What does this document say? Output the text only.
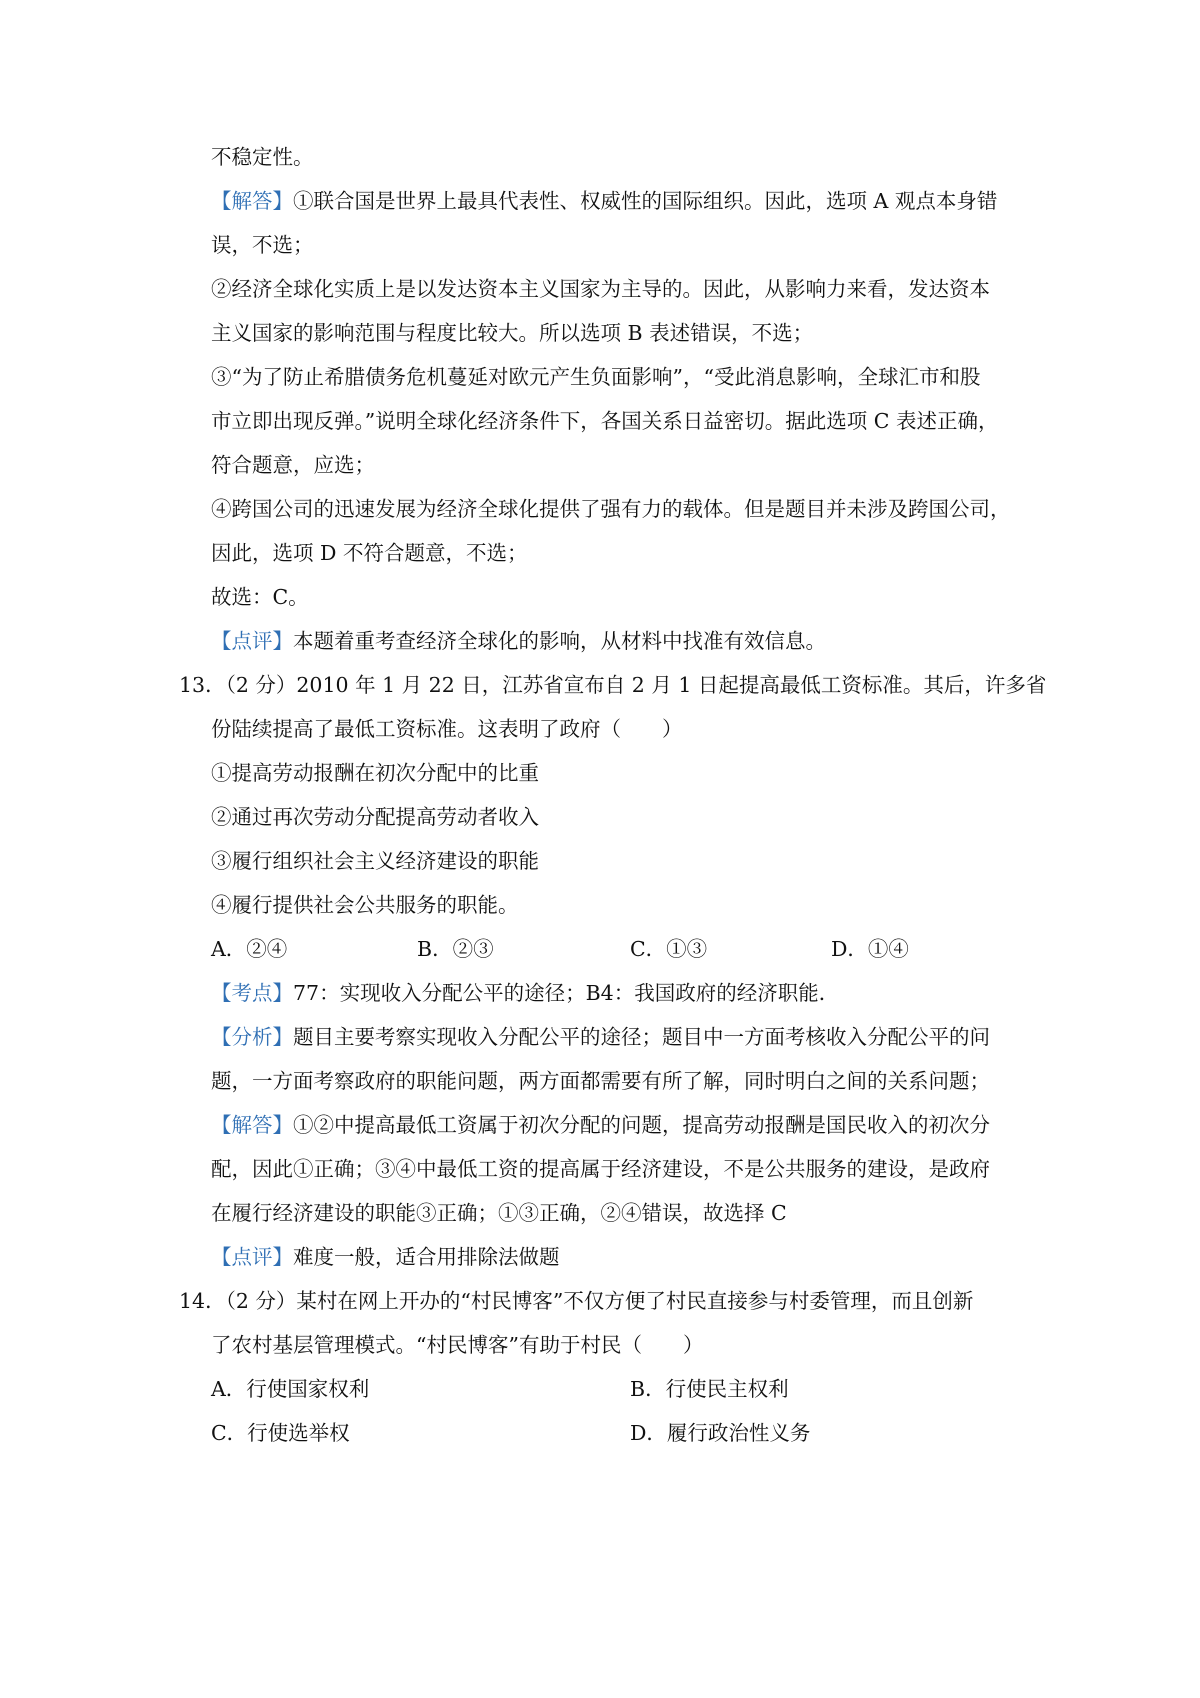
不稳定性。
【解答】①联合国是世界上最具代表性、权威性的国际组织。因此，选项 A 观点本身错
误，不选；
②经济全球化实质上是以发达资本主义国家为主导的。因此，从影响力来看，发达资本
主义国家的影响范围与程度比较大。所以选项 B 表述错误，不选；
③“为了防止希腊债务危机蔓延对欧元产生负面影响”，“受此消息影响，全球汇市和股
市立即出现反弹。”说明全球化经济条件下，各国关系日益密切。据此选项 C 表述正确，
符合题意，应选；
④跨国公司的迅速发展为经济全球化提供了强有力的载体。但是题目并未涉及跨国公司，
因此，选项 D 不符合题意，不选；
故选：C。
【点评】本题着重考查经济全球化的影响，从材料中找准有效信息。
13．（2 分）2010 年 1 月 22 日，江苏省宣布自 2 月 1 日起提高最低工资标准。其后，许多省
份陆续提高了最低工资标准。这表明了政府（　　）
①提高劳动报酬在初次分配中的比重
②通过再次劳动分配提高劳动者收入
③履行组织社会主义经济建设的职能
④履行提供社会公共服务的职能。
A．②④	B．②③	C．①③	D．①④
【考点】77：实现收入分配公平的途径；B4：我国政府的经济职能．
【分析】题目主要考察实现收入分配公平的途径；题目中一方面考核收入分配公平的问
题，一方面考察政府的职能问题，两方面都需要有所了解，同时明白之间的关系问题；
【解答】①②中提高最低工资属于初次分配的问题，提高劳动报酬是国民收入的初次分
配，因此①正确；③④中最低工资的提高属于经济建设，不是公共服务的建设，是政府
在履行经济建设的职能③正确；①③正确，②④错误，故选择 C
【点评】难度一般，适合用排除法做题
14．（2 分）某村在网上开办的“村民博客”不仅方便了村民直接参与村委管理，而且创新
了农村基层管理模式。“村民博客”有助于村民（　　）
A．行使国家权利	B．行使民主权利
C．行使选举权	D．履行政治性义务
